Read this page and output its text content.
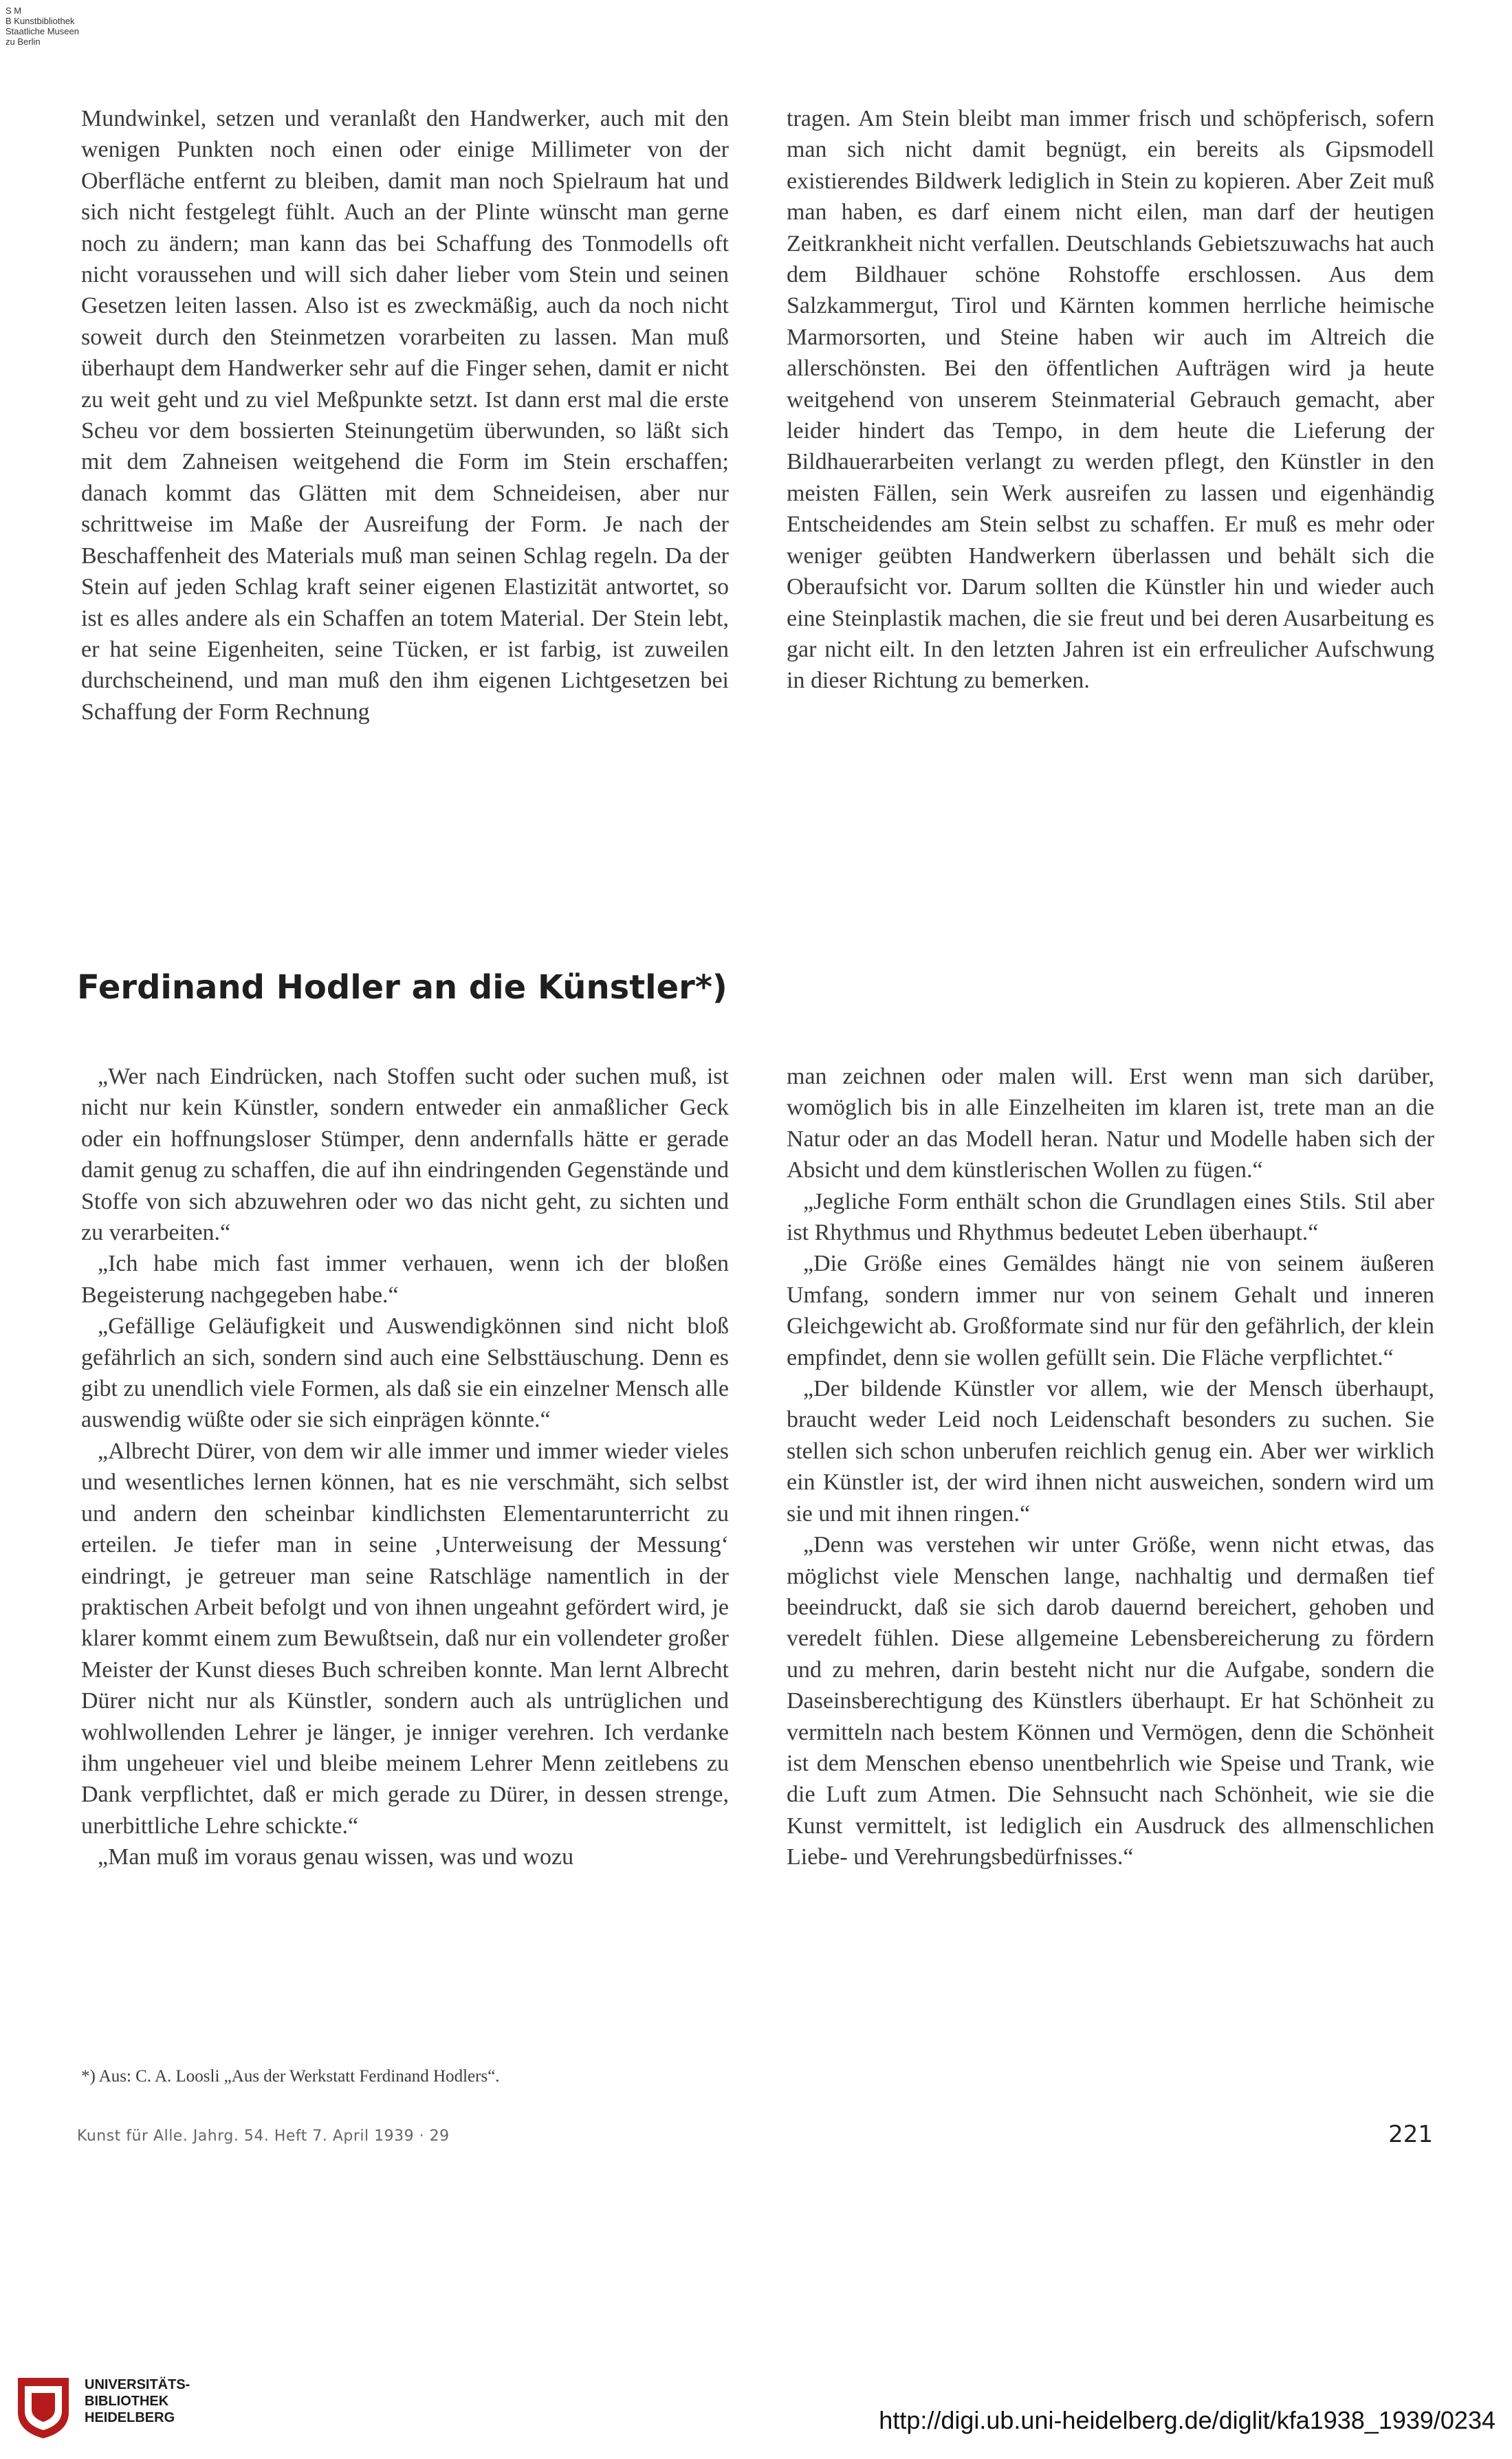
S M
B Kunstbibliothek
Staatliche Museen
zu Berlin

Mundwinkel, setzen und veranlaßt den Handwerker, auch mit den wenigen Punkten noch einen oder einige Millimeter von der Oberfläche entfernt zu bleiben, damit man noch Spielraum hat und sich nicht festgelegt fühlt. Auch an der Plinte wünscht man gerne noch zu ändern; man kann das bei Schaffung des Tonmodells oft nicht voraussehen und will sich daher lieber vom Stein und seinen Gesetzen leiten lassen. Also ist es zweckmäßig, auch da noch nicht soweit durch den Steinmetzen vorarbeiten zu lassen. Man muß überhaupt dem Handwerker sehr auf die Finger sehen, damit er nicht zu weit geht und zu viel Meßpunkte setzt. Ist dann erst mal die erste Scheu vor dem bossierten Steinungetüm überwunden, so läßt sich mit dem Zahneisen weitgehend die Form im Stein erschaffen; danach kommt das Glätten mit dem Schneideisen, aber nur schrittweise im Maße der Ausreifung der Form. Je nach der Beschaffenheit des Materials muß man seinen Schlag regeln. Da der Stein auf jeden Schlag kraft seiner eigenen Elastizität antwortet, so ist es alles andere als ein Schaffen an totem Material. Der Stein lebt, er hat seine Eigenheiten, seine Tücken, er ist farbig, ist zuweilen durchscheinend, und man muß den ihm eigenen Lichtgesetzen bei Schaffung der Form Rechnung

tragen. Am Stein bleibt man immer frisch und schöpferisch, sofern man sich nicht damit begnügt, ein bereits als Gipsmodell existierendes Bildwerk lediglich in Stein zu kopieren. Aber Zeit muß man haben, es darf einem nicht eilen, man darf der heutigen Zeitkrankheit nicht verfallen. Deutschlands Gebietszuwachs hat auch dem Bildhauer schöne Rohstoffe erschlossen. Aus dem Salzkammergut, Tirol und Kärnten kommen herrliche heimische Marmorsorten, und Steine haben wir auch im Altreich die allerschönsten. Bei den öffentlichen Aufträgen wird ja heute weitgehend von unserem Steinmaterial Gebrauch gemacht, aber leider hindert das Tempo, in dem heute die Lieferung der Bildhauerarbeiten verlangt zu werden pflegt, den Künstler in den meisten Fällen, sein Werk ausreifen zu lassen und eigenhändig Entscheidendes am Stein selbst zu schaffen. Er muß es mehr oder weniger geübten Handwerkern überlassen und behält sich die Oberaufsicht vor. Darum sollten die Künstler hin und wieder auch eine Steinplastik machen, die sie freut und bei deren Ausarbeitung es gar nicht eilt. In den letzten Jahren ist ein erfreulicher Aufschwung in dieser Richtung zu bemerken.

Ferdinand Hodler an die Künstler*)

„Wer nach Eindrücken, nach Stoffen sucht oder suchen muß, ist nicht nur kein Künstler, sondern entweder ein anmaßlicher Geck oder ein hoffnungsloser Stümper, denn andernfalls hätte er gerade damit genug zu schaffen, die auf ihn eindringenden Gegenstände und Stoffe von sich abzuwehren oder wo das nicht geht, zu sichten und zu verarbeiten.“

„Ich habe mich fast immer verhauen, wenn ich der bloßen Begeisterung nachgegeben habe.“

„Gefällige Geläufigkeit und Auswendigkönnen sind nicht bloß gefährlich an sich, sondern sind auch eine Selbsttäuschung. Denn es gibt zu unendlich viele Formen, als daß sie ein einzelner Mensch alle auswendig wüßte oder sie sich einprägen könnte.“

„Albrecht Dürer, von dem wir alle immer und immer wieder vieles und wesentliches lernen können, hat es nie verschmäht, sich selbst und andern den scheinbar kindlichsten Elementarunterricht zu erteilen. Je tiefer man in seine ‚Unterweisung der Messung‘ eindringt, je getreuer man seine Ratschläge namentlich in der praktischen Arbeit befolgt und von ihnen ungeahnt gefördert wird, je klarer kommt einem zum Bewußtsein, daß nur ein vollendeter großer Meister der Kunst dieses Buch schreiben konnte. Man lernt Albrecht Dürer nicht nur als Künstler, sondern auch als untrüglichen und wohlwollenden Lehrer je länger, je inniger verehren. Ich verdanke ihm ungeheuer viel und bleibe meinem Lehrer Menn zeitlebens zu Dank verpflichtet, daß er mich gerade zu Dürer, in dessen strenge, unerbittliche Lehre schickte.“

„Man muß im voraus genau wissen, was und wozu

*) Aus: C. A. Loosli „Aus der Werkstatt Ferdinand Hodlers“.

man zeichnen oder malen will. Erst wenn man sich darüber, womöglich bis in alle Einzelheiten im klaren ist, trete man an die Natur oder an das Modell heran. Natur und Modelle haben sich der Absicht und dem künstlerischen Wollen zu fügen.“

„Jegliche Form enthält schon die Grundlagen eines Stils. Stil aber ist Rhythmus und Rhythmus bedeutet Leben überhaupt.“

„Die Größe eines Gemäldes hängt nie von seinem äußeren Umfang, sondern immer nur von seinem Gehalt und inneren Gleichgewicht ab. Großformate sind nur für den gefährlich, der klein empfindet, denn sie wollen gefüllt sein. Die Fläche verpflichtet.“

„Der bildende Künstler vor allem, wie der Mensch überhaupt, braucht weder Leid noch Leidenschaft besonders zu suchen. Sie stellen sich schon unberufen reichlich genug ein. Aber wer wirklich ein Künstler ist, der wird ihnen nicht ausweichen, sondern wird um sie und mit ihnen ringen.“

„Denn was verstehen wir unter Größe, wenn nicht etwas, das möglichst viele Menschen lange, nachhaltig und dermaßen tief beeindruckt, daß sie sich darob dauernd bereichert, gehoben und veredelt fühlen. Diese allgemeine Lebensbereicherung zu fördern und zu mehren, darin besteht nicht nur die Aufgabe, sondern die Daseinsberechtigung des Künstlers überhaupt. Er hat Schönheit zu vermitteln nach bestem Können und Vermögen, denn die Schönheit ist dem Menschen ebenso unentbehrlich wie Speise und Trank, wie die Luft zum Atmen. Die Sehnsucht nach Schönheit, wie sie die Kunst vermittelt, ist lediglich ein Ausdruck des allmenschlichen Liebe- und Verehrungsbedürfnisses.“

Kunst für Alle. Jahrg. 54. Heft 7. April 1939 · 29	221
UNIVERSITÄTS-
BIBLIOTHEK
HEIDELBERG	http://digi.ub.uni-heidelberg.de/diglit/kfa1938_1939/0234
